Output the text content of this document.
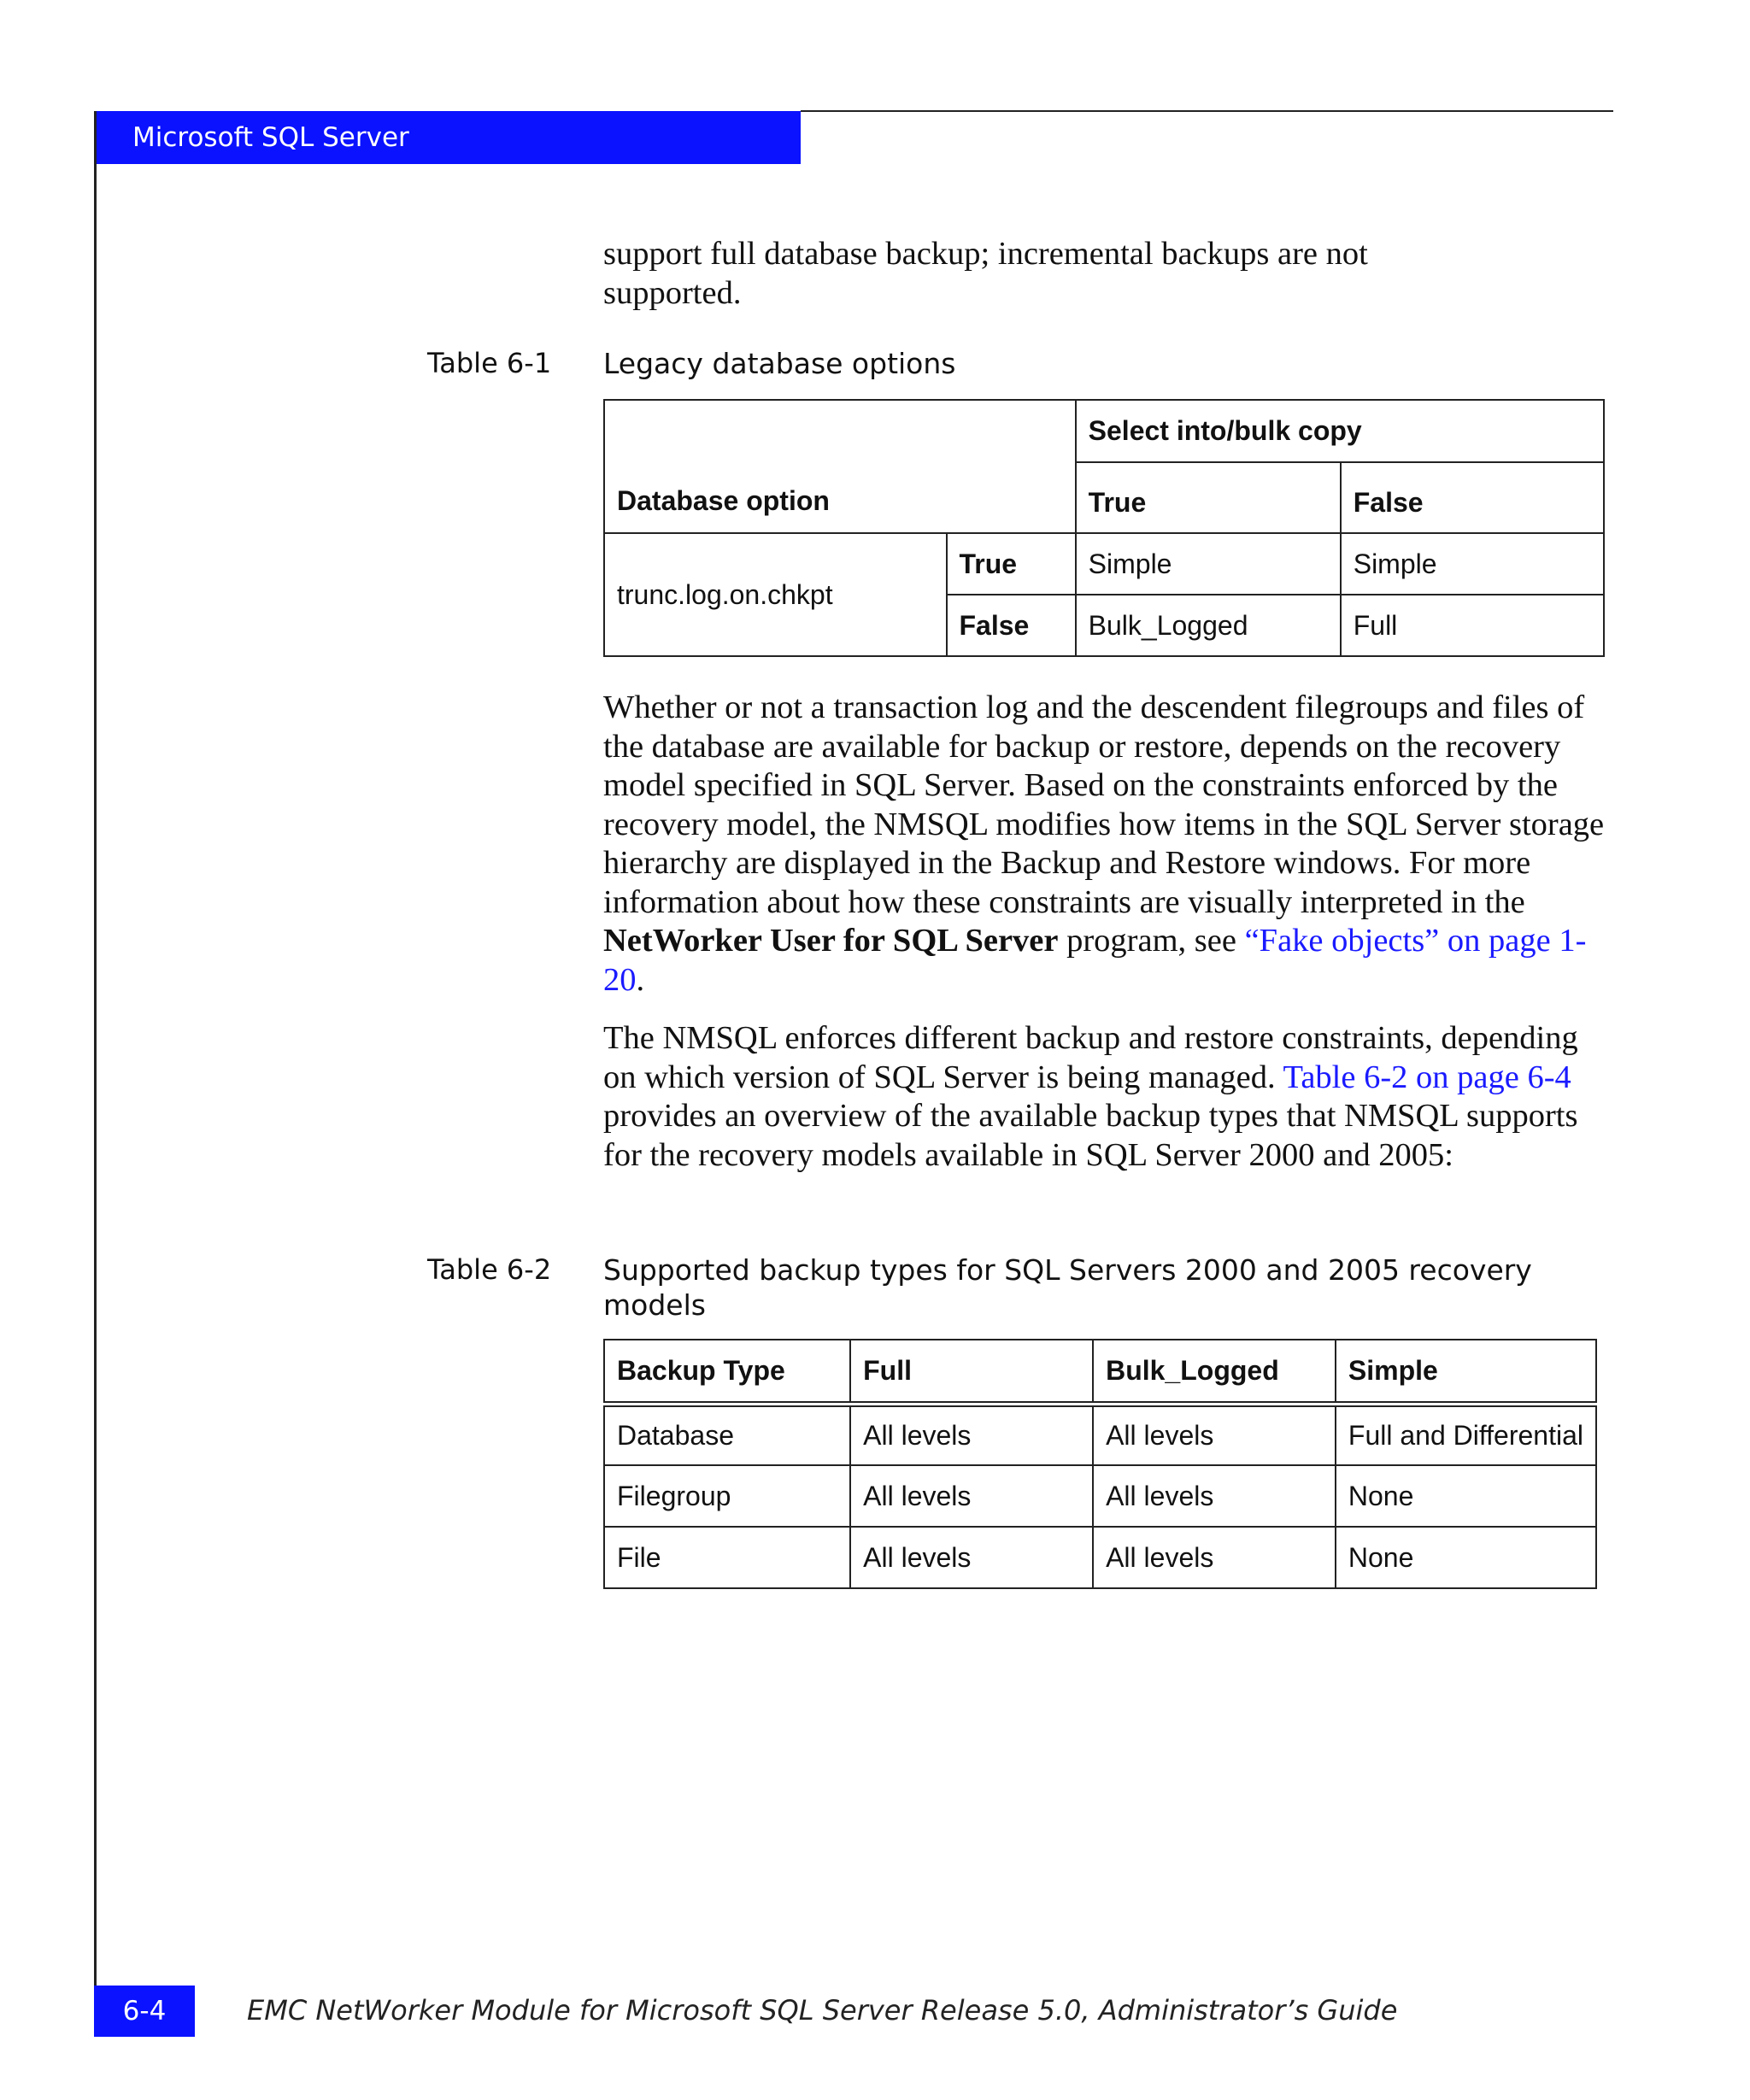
Microsoft SQL Server

support full database backup; incremental backups are not
supported.

Table 6-1 Legacy database options
Database option		Select into/bulk copy	
		True	False
trunc.log.on.chkpt	True	Simple	Simple
	False	Bulk_Logged	Full

Whether or not a transaction log and the descendent filegroups and files of the database are available for backup or restore, depends on the recovery model specified in SQL Server. Based on the constraints enforced by the recovery model, the NMSQL modifies how items in the SQL Server storage hierarchy are displayed in the Backup and Restore windows. For more information about how these constraints are visually interpreted in the NetWorker User for SQL Server program, see “Fake objects” on page 1-20.

The NMSQL enforces different backup and restore constraints, depending on which version of SQL Server is being managed. Table 6-2 on page 6-4 provides an overview of the available backup types that NMSQL supports for the recovery models available in SQL Server 2000 and 2005:

Table 6-2 Supported backup types for SQL Servers 2000 and 2005 recovery models
Backup Type	Full	Bulk_Logged	Simple
Database	All levels	All levels	Full and Differential
Filegroup	All levels	All levels	None
File	All levels	All levels	None
6-4	EMC NetWorker Module for Microsoft SQL Server Release 5.0, Administrator’s Guide
